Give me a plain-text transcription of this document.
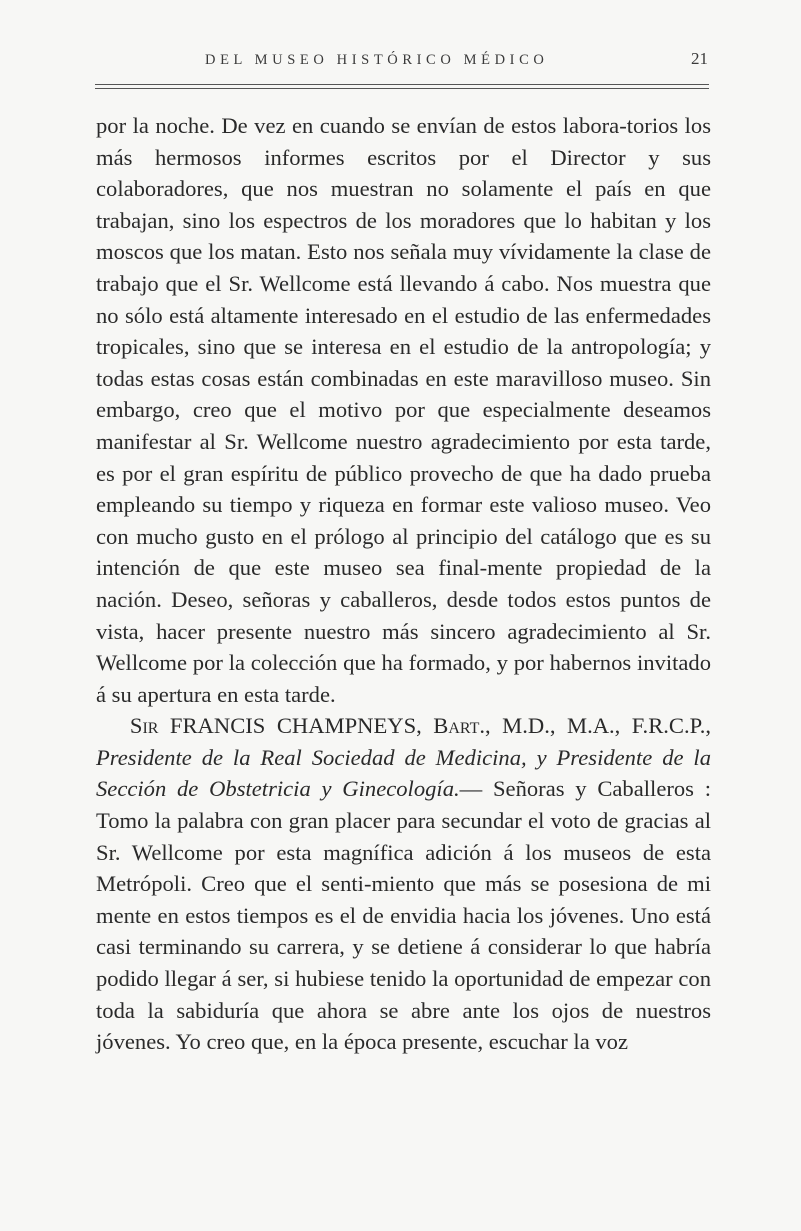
DEL MUSEO HISTÓRICO MÉDICO	21

por la noche. De vez en cuando se envían de estos labora-torios los más hermosos informes escritos por el Director y sus colaboradores, que nos muestran no solamente el país en que trabajan, sino los espectros de los moradores que lo habitan y los moscos que los matan. Esto nos señala muy vívidamente la clase de trabajo que el Sr. Wellcome está llevando á cabo. Nos muestra que no sólo está altamente interesado en el estudio de las enfermedades tropicales, sino que se interesa en el estudio de la antropología; y todas estas cosas están combinadas en este maravilloso museo. Sin embargo, creo que el motivo por que especialmente deseamos manifestar al Sr. Wellcome nuestro agradecimiento por esta tarde, es por el gran espíritu de público provecho de que ha dado prueba empleando su tiempo y riqueza en formar este valioso museo. Veo con mucho gusto en el prólogo al principio del catálogo que es su intención de que este museo sea final-mente propiedad de la nación. Deseo, señoras y caballeros, desde todos estos puntos de vista, hacer presente nuestro más sincero agradecimiento al Sr. Wellcome por la colección que ha formado, y por habernos invitado á su apertura en esta tarde.

Sir FRANCIS CHAMPNEYS, Bart., M.D., M.A., F.R.C.P., Presidente de la Real Sociedad de Medicina, y Presidente de la Sección de Obstetricia y Ginecología.— Señoras y Caballeros : Tomo la palabra con gran placer para secundar el voto de gracias al Sr. Wellcome por esta magnífica adición á los museos de esta Metrópoli. Creo que el senti-miento que más se posesiona de mi mente en estos tiempos es el de envidia hacia los jóvenes. Uno está casi terminando su carrera, y se detiene á considerar lo que habría podido llegar á ser, si hubiese tenido la oportunidad de empezar con toda la sabiduría que ahora se abre ante los ojos de nuestros jóvenes. Yo creo que, en la época presente, escuchar la voz
